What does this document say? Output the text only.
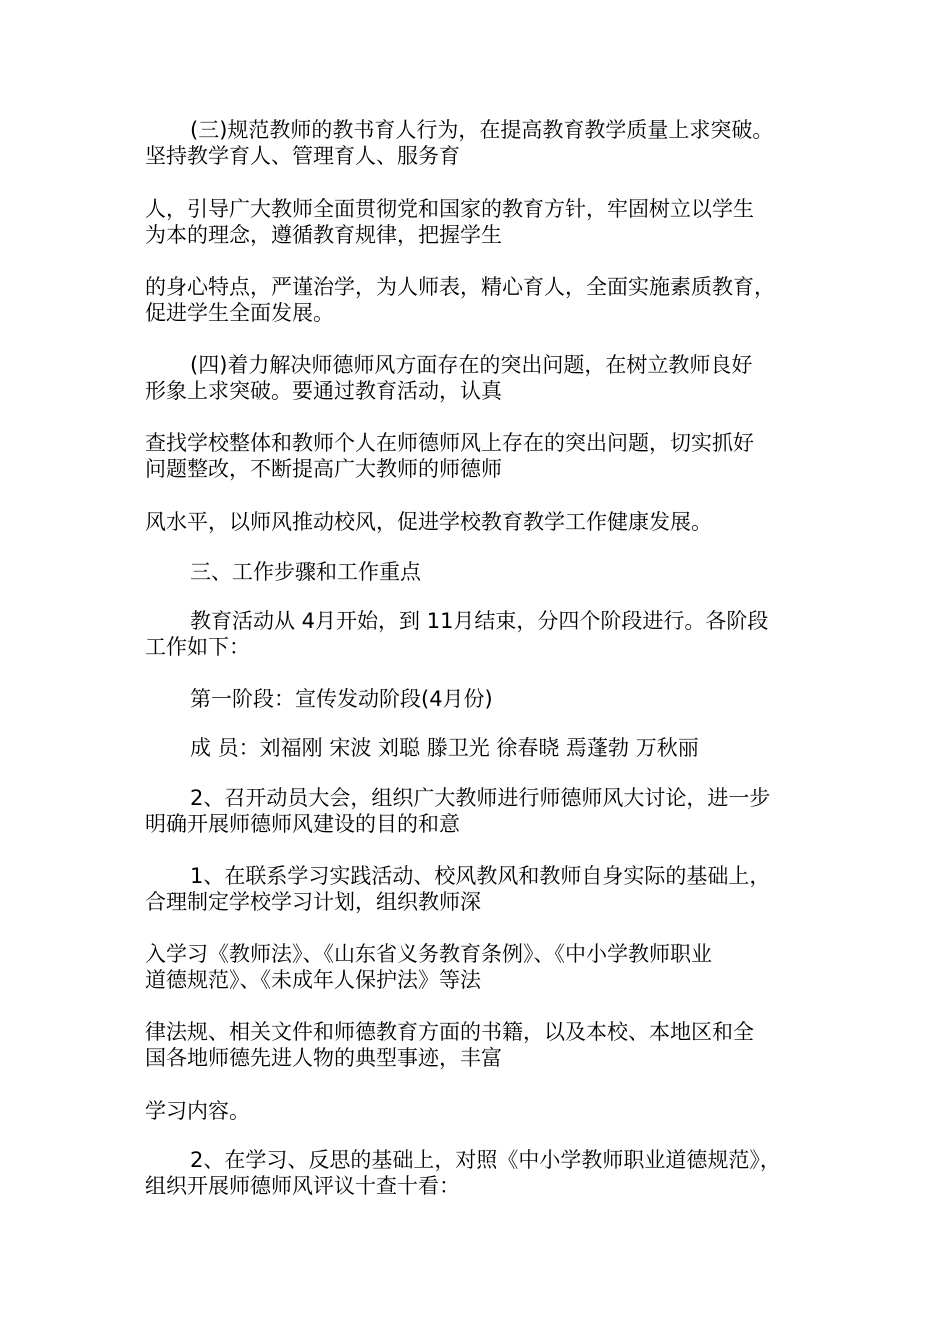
(三)规范教师的教书育人行为，在提高教育教学质量上求突破。
坚持教学育人、管理育人、服务育
人，引导广大教师全面贯彻党和国家的教育方针，牢固树立以学生
为本的理念，遵循教育规律，把握学生
的身心特点，严谨治学，为人师表，精心育人，全面实施素质教育，
促进学生全面发展。
(四)着力解决师德师风方面存在的突出问题，在树立教师良好
形象上求突破。要通过教育活动，认真
查找学校整体和教师个人在师德师风上存在的突出问题，切实抓好
问题整改，不断提高广大教师的师德师
风水平，以师风推动校风，促进学校教育教学工作健康发展。
三、工作步骤和工作重点
教育活动从 4月开始，到 11月结束，分四个阶段进行。各阶段
工作如下：
第一阶段：宣传发动阶段(4月份)
成 员：刘福刚 宋波 刘聪 滕卫光 徐春晓 焉蓬勃 万秋丽
2、召开动员大会，组织广大教师进行师德师风大讨论，进一步
明确开展师德师风建设的目的和意
1、在联系学习实践活动、校风教风和教师自身实际的基础上，
合理制定学校学习计划，组织教师深
入学习《教师法》、《山东省义务教育条例》、《中小学教师职业
道德规范》、《未成年人保护法》等法
律法规、相关文件和师德教育方面的书籍，以及本校、本地区和全
国各地师德先进人物的典型事迹，丰富
学习内容。
2、在学习、反思的基础上，对照《中小学教师职业道德规范》，
组织开展师德师风评议十查十看：
